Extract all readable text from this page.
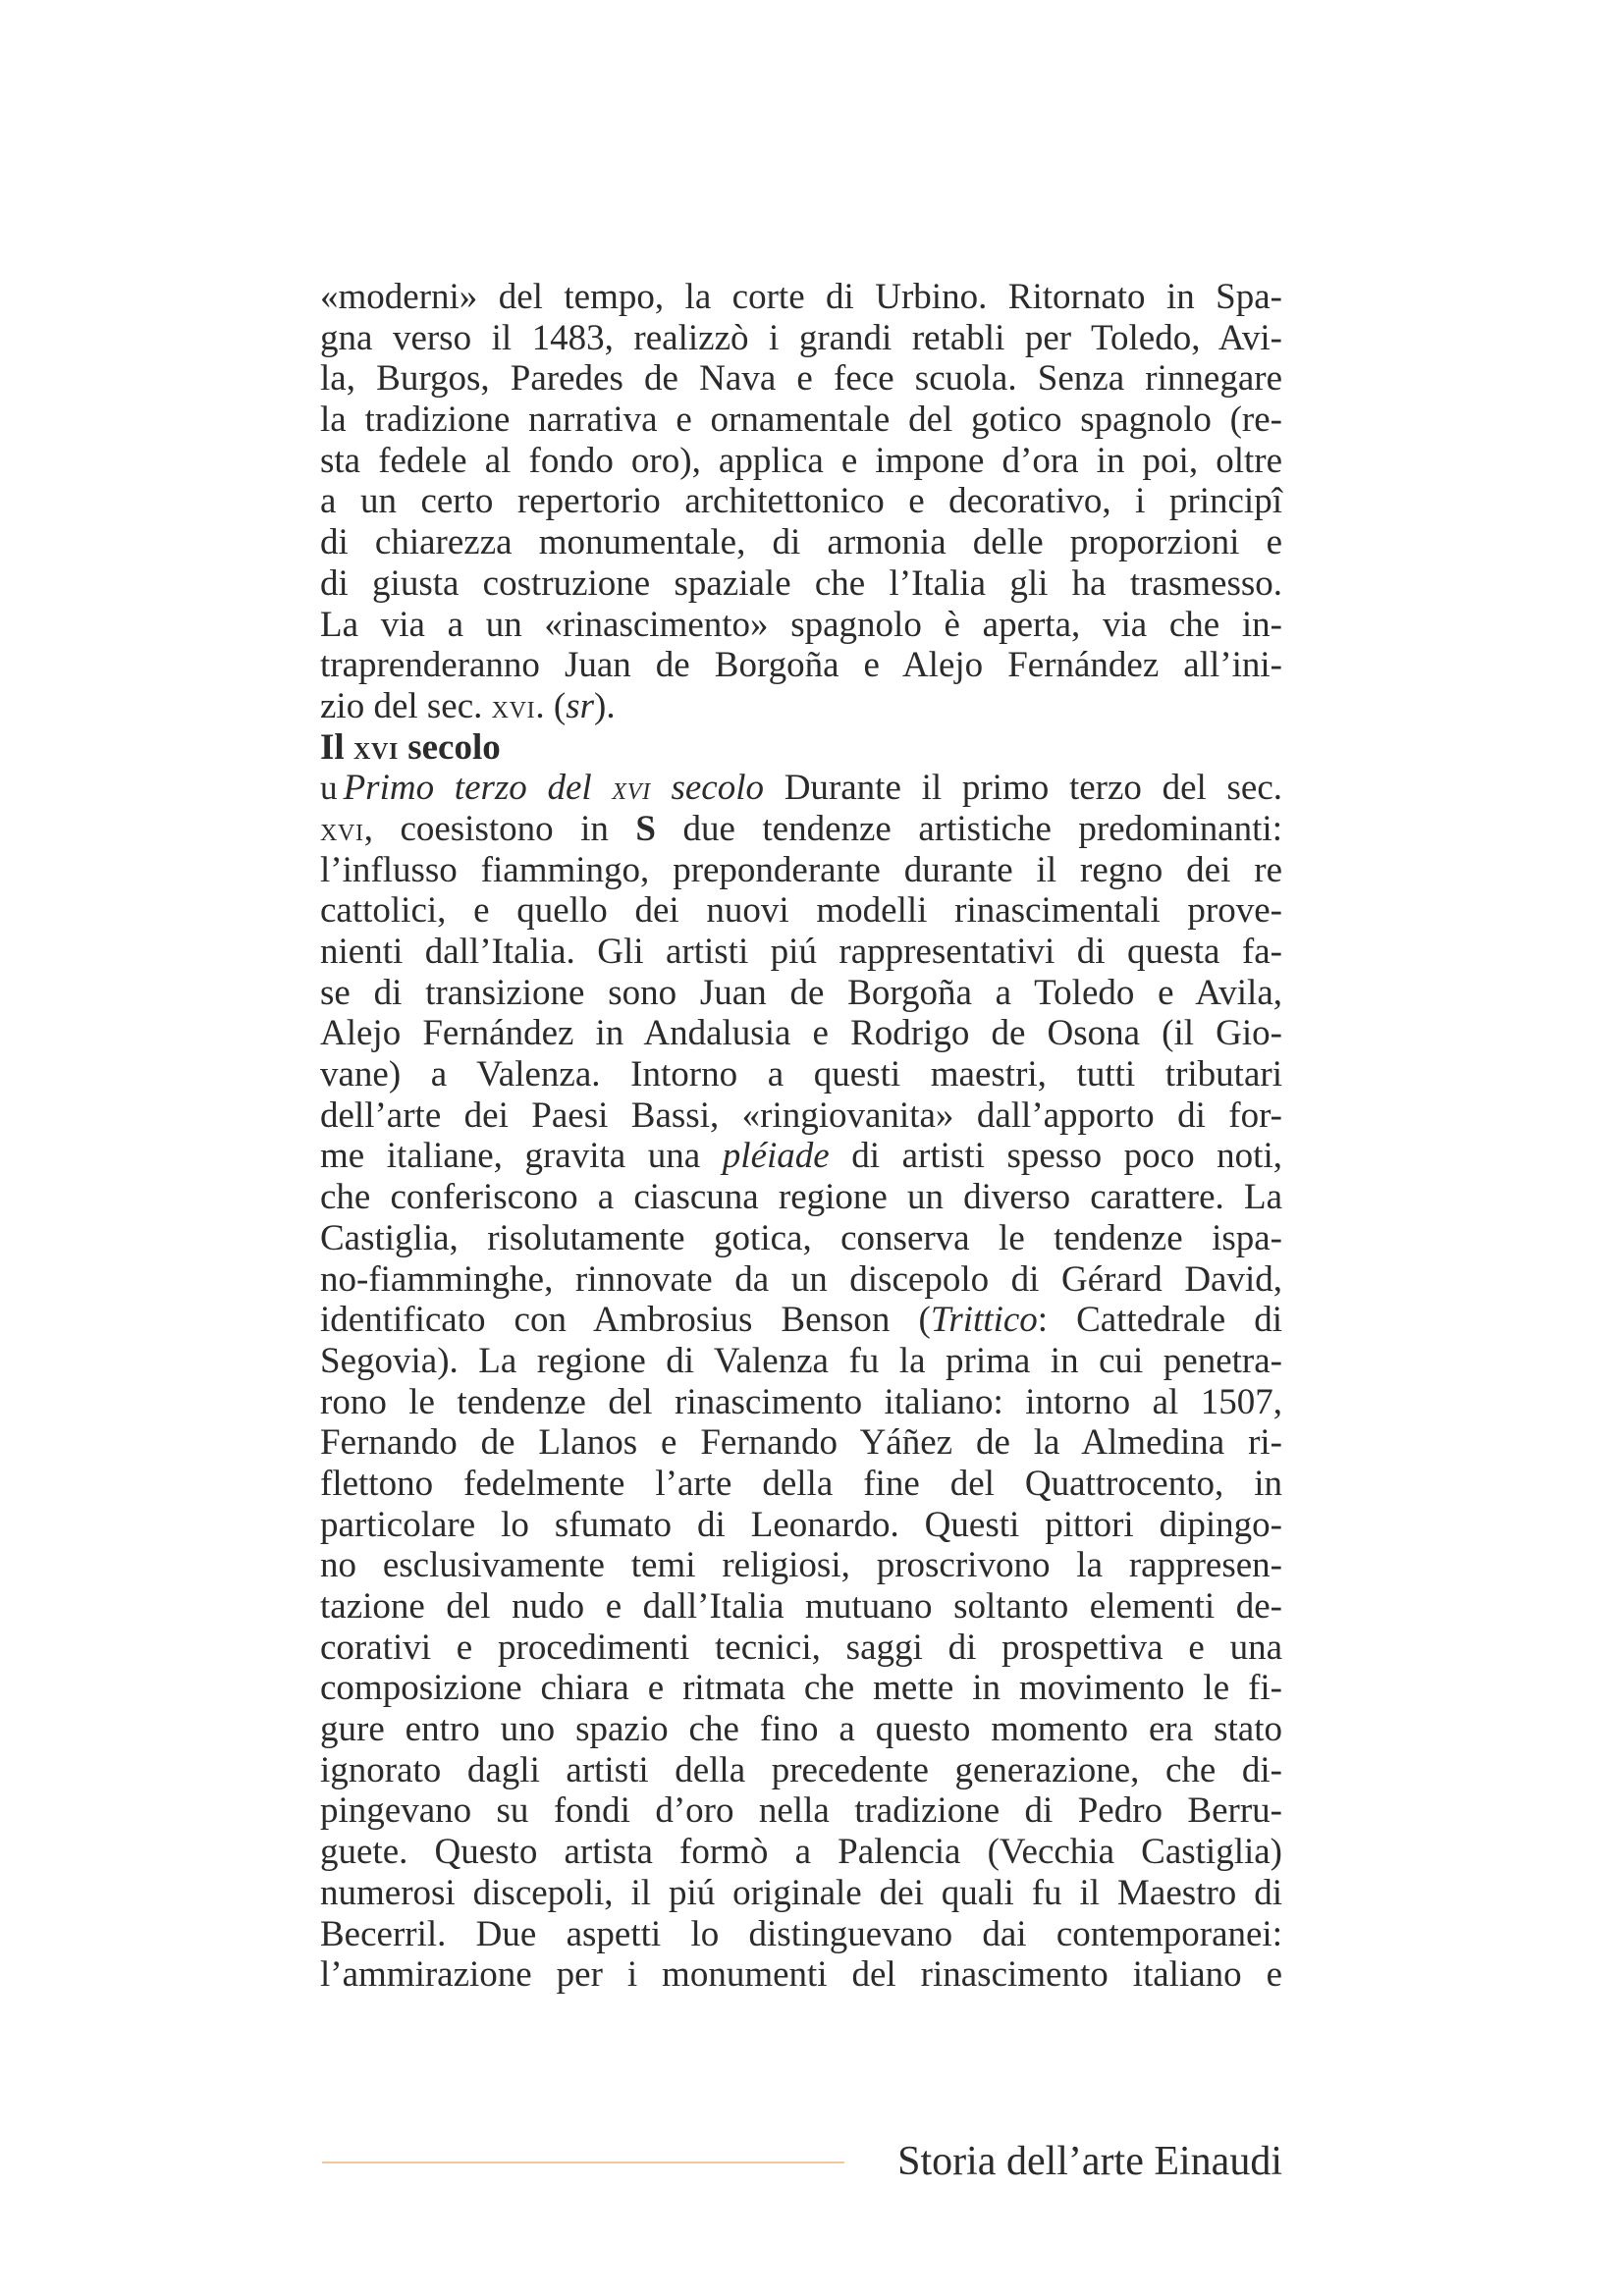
«moderni» del tempo, la corte di Urbino. Ritornato in Spa-
gna verso il 1483, realizzò i grandi retabli per Toledo, Avi-
la, Burgos, Paredes de Nava e fece scuola. Senza rinnegare
la tradizione narrativa e ornamentale del gotico spagnolo (re-
sta fedele al fondo oro), applica e impone d’ora in poi, oltre
a un certo repertorio architettonico e decorativo, i principî
di chiarezza monumentale, di armonia delle proporzioni e
di giusta costruzione spaziale che l’Italia gli ha trasmesso.
La via a un «rinascimento» spagnolo è aperta, via che in-
traprenderanno Juan de Borgoña e Alejo Fernández all’ini-
zio del sec. xvi. (sr).
Il xvi secolo
u Primo terzo del xvi secolo Durante il primo terzo del sec.
xvi, coesistono in S due tendenze artistiche predominanti:
l’influsso fiammingo, preponderante durante il regno dei re
cattolici, e quello dei nuovi modelli rinascimentali prove-
nienti dall’Italia. Gli artisti piú rappresentativi di questa fa-
se di transizione sono Juan de Borgoña a Toledo e Avila,
Alejo Fernández in Andalusia e Rodrigo de Osona (il Gio-
vane) a Valenza. Intorno a questi maestri, tutti tributari
dell’arte dei Paesi Bassi, «ringiovanita» dall’apporto di for-
me italiane, gravita una pléiade di artisti spesso poco noti,
che conferiscono a ciascuna regione un diverso carattere. La
Castiglia, risolutamente gotica, conserva le tendenze ispa-
no-fiamminghe, rinnovate da un discepolo di Gérard David,
identificato con Ambrosius Benson (Trittico: Cattedrale di
Segovia). La regione di Valenza fu la prima in cui penetra-
rono le tendenze del rinascimento italiano: intorno al 1507,
Fernando de Llanos e Fernando Yáñez de la Almedina ri-
flettono fedelmente l’arte della fine del Quattrocento, in
particolare lo sfumato di Leonardo. Questi pittori dipingo-
no esclusivamente temi religiosi, proscrivono la rappresen-
tazione del nudo e dall’Italia mutuano soltanto elementi de-
corativi e procedimenti tecnici, saggi di prospettiva e una
composizione chiara e ritmata che mette in movimento le fi-
gure entro uno spazio che fino a questo momento era stato
ignorato dagli artisti della precedente generazione, che di-
pingevano su fondi d’oro nella tradizione di Pedro Berru-
guete. Questo artista formò a Palencia (Vecchia Castiglia)
numerosi discepoli, il piú originale dei quali fu il Maestro di
Becerril. Due aspetti lo distinguevano dai contemporanei:
l’ammirazione per i monumenti del rinascimento italiano e
Storia dell’arte Einaudi
